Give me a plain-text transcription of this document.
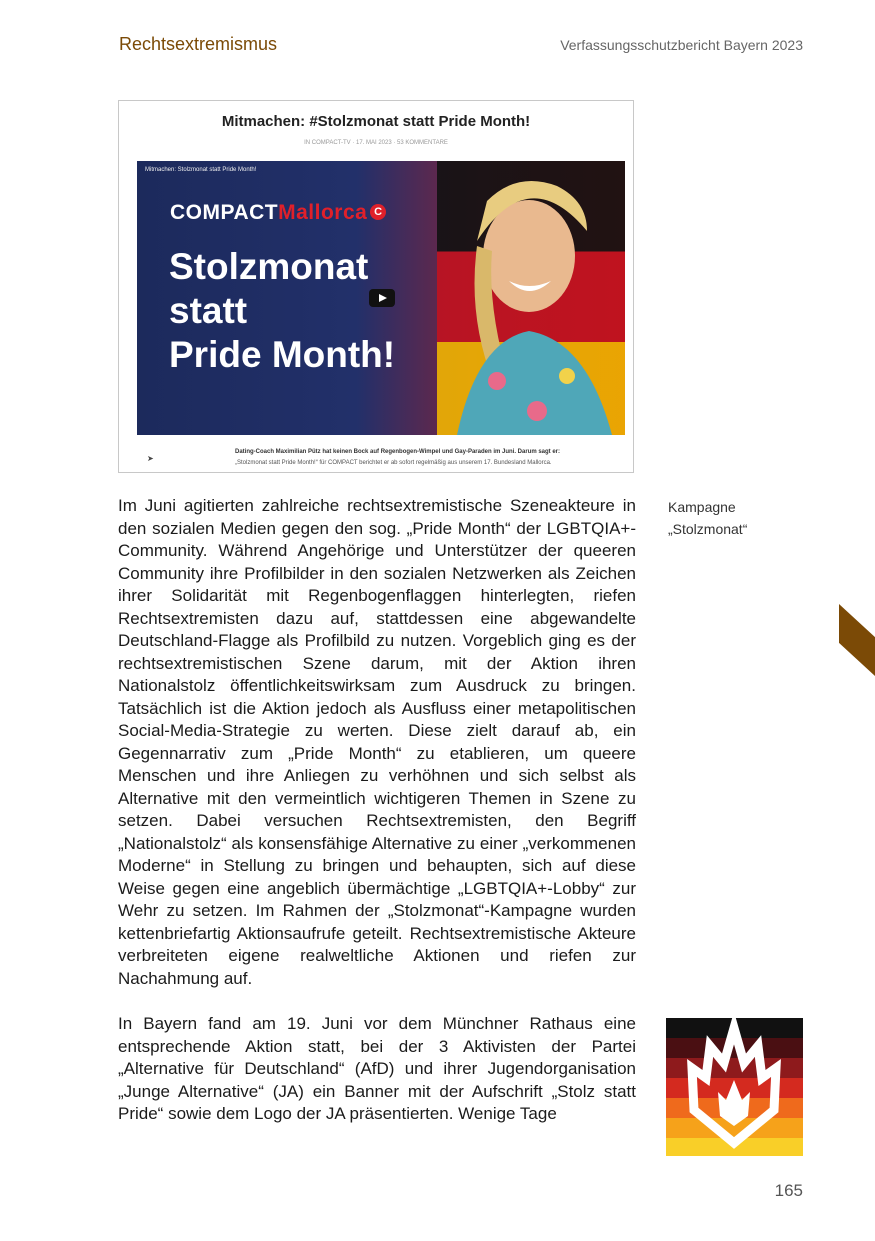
Rechtsextremismus	Verfassungsschutzbericht Bayern 2023
Mitmachen: #Stolzmonat statt Pride Month!
IN COMPACT-TV · 17. MAI 2023 · 53 KOMMENTARE
Mitmachen: Stolzmonat statt Pride Month!
COMPACTMallorca C
Stolzmonat
statt
Pride Month!
➤
Dating-Coach Maximilian Pütz hat keinen Bock auf Regenbogen-Wimpel und Gay-Paraden im Juni. Darum sagt er:
„Stolzmonat statt Pride Month!“ für COMPACT berichtet er ab sofort regelmäßig aus unserem 17. Bundesland Mallorca.

Im Juni agitierten zahlreiche rechtsextremistische Szeneakteure in den sozialen Medien gegen den sog. „Pride Month“ der LGBTQIA+-Community. Während Angehörige und Unterstützer der queeren Community ihre Profilbilder in den sozialen Netzwerken als Zeichen ihrer Solidarität mit Regenbogenflaggen hinterlegten, riefen Rechtsextremisten dazu auf, stattdessen eine abgewandelte Deutschland-Flagge als Profilbild zu nutzen. Vorgeblich ging es der rechtsextremistischen Szene darum, mit der Aktion ihren Nationalstolz öffentlichkeitswirksam zum Ausdruck zu bringen. Tatsächlich ist die Aktion jedoch als Ausfluss einer metapolitischen Social-Media-Strategie zu werten. Diese zielt darauf ab, ein Gegennarrativ zum „Pride Month“ zu etablieren, um queere Menschen und ihre Anliegen zu verhöhnen und sich selbst als Alternative mit den vermeintlich wichtigeren Themen in Szene zu setzen. Dabei versuchen Rechtsextremisten, den Begriff „Nationalstolz“ als konsensfähige Alternative zu einer „verkommenen Moderne“ in Stellung zu bringen und behaupten, sich auf diese Weise gegen eine angeblich übermächtige „LGBTQIA+-Lobby“ zur Wehr zu setzen. Im Rahmen der „Stolzmonat“-Kampagne wurden kettenbriefartig Aktionsaufrufe geteilt. Rechtsextremistische Akteure verbreiteten eigene realweltliche Aktionen und riefen zur Nachahmung auf.

Kampagne
„Stolzmonat“

In Bayern fand am 19. Juni vor dem Münchner Rathaus eine entsprechende Aktion statt, bei der 3 Aktivisten der Partei „Alternative für Deutschland“ (AfD) und ihrer Jugendorganisation „Junge Alternative“ (JA) ein Banner mit der Aufschrift „Stolz statt Pride“ sowie dem Logo der JA präsentierten. Wenige Tage

165
